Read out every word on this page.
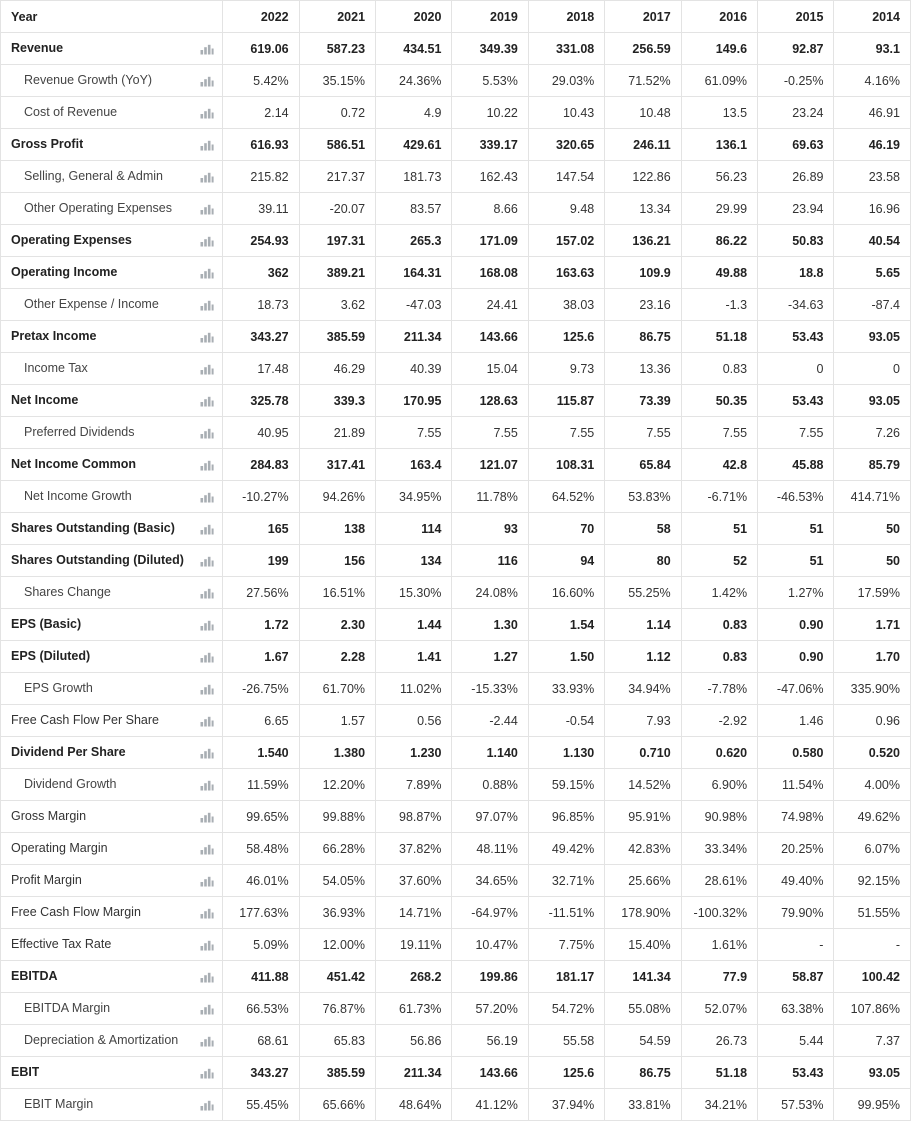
Year	2022	2021	2020	2019	2018	2017	2016	2015	2014

Revenue	619.06	587.23	434.51	349.39	331.08	256.59	149.6	92.87	93.1

Revenue Growth (YoY)	5.42%	35.15%	24.36%	5.53%	29.03%	71.52%	61.09%	-0.25%	4.16%

Cost of Revenue	2.14	0.72	4.9	10.22	10.43	10.48	13.5	23.24	46.91

Gross Profit	616.93	586.51	429.61	339.17	320.65	246.11	136.1	69.63	46.19

Selling, General & Admin	215.82	217.37	181.73	162.43	147.54	122.86	56.23	26.89	23.58

Other Operating Expenses	39.11	-20.07	83.57	8.66	9.48	13.34	29.99	23.94	16.96

Operating Expenses	254.93	197.31	265.3	171.09	157.02	136.21	86.22	50.83	40.54

Operating Income	362	389.21	164.31	168.08	163.63	109.9	49.88	18.8	5.65

Other Expense / Income	18.73	3.62	-47.03	24.41	38.03	23.16	-1.3	-34.63	-87.4

Pretax Income	343.27	385.59	211.34	143.66	125.6	86.75	51.18	53.43	93.05

Income Tax	17.48	46.29	40.39	15.04	9.73	13.36	0.83	0	0

Net Income	325.78	339.3	170.95	128.63	115.87	73.39	50.35	53.43	93.05

Preferred Dividends	40.95	21.89	7.55	7.55	7.55	7.55	7.55	7.55	7.26

Net Income Common	284.83	317.41	163.4	121.07	108.31	65.84	42.8	45.88	85.79

Net Income Growth	-10.27%	94.26%	34.95%	11.78%	64.52%	53.83%	-6.71%	-46.53%	414.71%

Shares Outstanding (Basic)	165	138	114	93	70	58	51	51	50

Shares Outstanding (Diluted)	199	156	134	116	94	80	52	51	50

Shares Change	27.56%	16.51%	15.30%	24.08%	16.60%	55.25%	1.42%	1.27%	17.59%

EPS (Basic)	1.72	2.30	1.44	1.30	1.54	1.14	0.83	0.90	1.71

EPS (Diluted)	1.67	2.28	1.41	1.27	1.50	1.12	0.83	0.90	1.70

EPS Growth	-26.75%	61.70%	11.02%	-15.33%	33.93%	34.94%	-7.78%	-47.06%	335.90%

Free Cash Flow Per Share	6.65	1.57	0.56	-2.44	-0.54	7.93	-2.92	1.46	0.96

Dividend Per Share	1.540	1.380	1.230	1.140	1.130	0.710	0.620	0.580	0.520

Dividend Growth	11.59%	12.20%	7.89%	0.88%	59.15%	14.52%	6.90%	11.54%	4.00%

Gross Margin	99.65%	99.88%	98.87%	97.07%	96.85%	95.91%	90.98%	74.98%	49.62%

Operating Margin	58.48%	66.28%	37.82%	48.11%	49.42%	42.83%	33.34%	20.25%	6.07%

Profit Margin	46.01%	54.05%	37.60%	34.65%	32.71%	25.66%	28.61%	49.40%	92.15%

Free Cash Flow Margin	177.63%	36.93%	14.71%	-64.97%	-11.51%	178.90%	-100.32%	79.90%	51.55%

Effective Tax Rate	5.09%	12.00%	19.11%	10.47%	7.75%	15.40%	1.61%	-	-

EBITDA	411.88	451.42	268.2	199.86	181.17	141.34	77.9	58.87	100.42

EBITDA Margin	66.53%	76.87%	61.73%	57.20%	54.72%	55.08%	52.07%	63.38%	107.86%

Depreciation & Amortization	68.61	65.83	56.86	56.19	55.58	54.59	26.73	5.44	7.37

EBIT	343.27	385.59	211.34	143.66	125.6	86.75	51.18	53.43	93.05

EBIT Margin	55.45%	65.66%	48.64%	41.12%	37.94%	33.81%	34.21%	57.53%	99.95%
